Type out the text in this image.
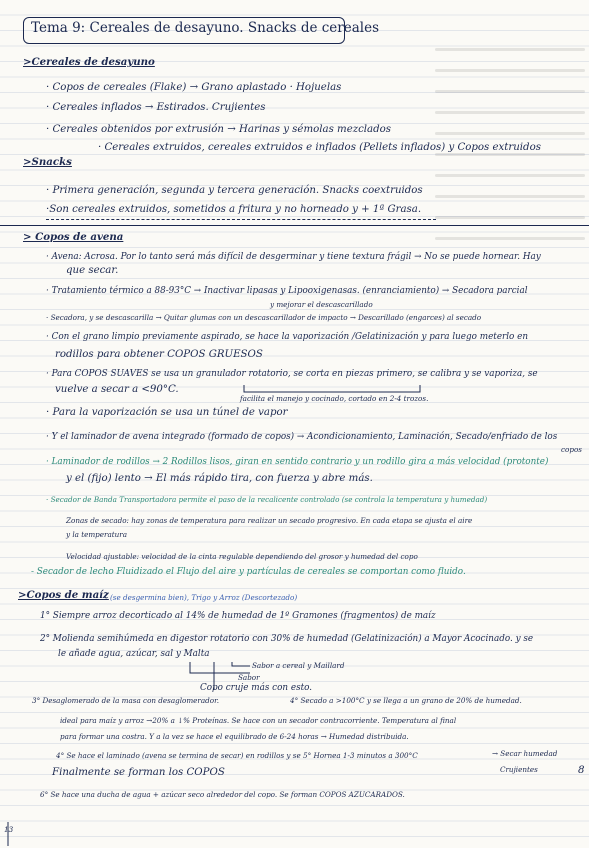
Tema 9: Cereales de desayuno. Snacks de cereales
>Cereales de desayuno
· Copos de cereales (Flake) → Grano aplastado · Hojuelas
· Cereales inflados → Estirados. Crujientes
· Cereales obtenidos por extrusión → Harinas y sémolas mezclados
· Cereales extruidos, cereales extruidos e inflados (Pellets inflados) y Copos extruidos
>Snacks
· Primera generación, segunda y tercera generación. Snacks coextruidos
·Son cereales extruidos, sometidos a fritura y no horneado y + 1ª Grasa.
> Copos de avena
· Avena: Acrosa. Por lo tanto será más difícil de desgerminar y tiene textura frágil → No se puede hornear. Hay
que secar.
· Tratamiento térmico a 88-93°C → Inactivar lipasas y Lipooxigenasas. (enranciamiento) → Secadora parcial
y mejorar el descascarillado
· Secadora, y se descascarilla → Quitar glumas con un descascarillador de impacto → Descarillado (engarces) al secado
· Con el grano limpio previamente aspirado, se hace la vaporización /Gelatinización y para luego meterlo en
rodillos para obtener COPOS GRUESOS
· Para COPOS SUAVES se usa un granulador rotatorio, se corta en piezas primero, se calibra y se vaporiza, se
vuelve a secar a <90°C.
facilita el manejo y cocinado, cortado en 2-4 trozos.
· Para la vaporización se usa un túnel de vapor
· Y el laminador de avena integrado (formado de copos) → Acondicionamiento, Laminación, Secado/enfriado de los
copos
· Laminador de rodillos → 2 Rodillos lisos, giran en sentido contrario y un rodillo gira a más velocidad (protonte)
y el (fijo) lento → El más rápido tira, con fuerza y abre más.
· Secador de Banda Transportadora permite el paso de la recalicente controlado (se controla la temperatura y humedad)
Zonas de secado: hay zonas de temperatura para realizar un secado progresivo. En cada etapa se ajusta el aire
y la temperatura
Velocidad ajustable: velocidad de la cinta regulable dependiendo del grosor y humedad del copo
- Secador de lecho Fluidizado el Flujo del aire y partículas de cereales se comportan como fluido.
>Copos de maíz (se desgermina bien), Trigo y Arroz (Descortezado)
1° Siempre arroz decorticado al 14% de humedad de 1º Gramones (fragmentos) de maíz
2° Molienda semihúmeda en digestor rotatorio con 30% de humedad (Gelatinización) a Mayor Acocinado. y se
le añade agua, azúcar, sal y Malta
Sabor a cereal y Maillard
Sabor
Copo cruje más con esto.
3° Desaglomerado de la masa con desaglomerador.	4° Secado a >100°C y se llega a un grano de 20% de humedad.
ideal para maíz y arroz →20% a ↓% Proteínas. Se hace con un secador contracorriente. Temperatura al final
para formar una costra. Y a la vez se hace el equilibrado de 6-24 horas → Humedad distribuida.
4° Se hace el laminado (avena se termina de secar) en rodillos y se 5° Hornea 1-3 minutos a 300°C	→ Secar humedad
Crujientes
Finalmente se forman los COPOS
6° Se hace una ducha de agua + azúcar seco alrededor del copo. Se forman COPOS AZUCARADOS.
8
13
